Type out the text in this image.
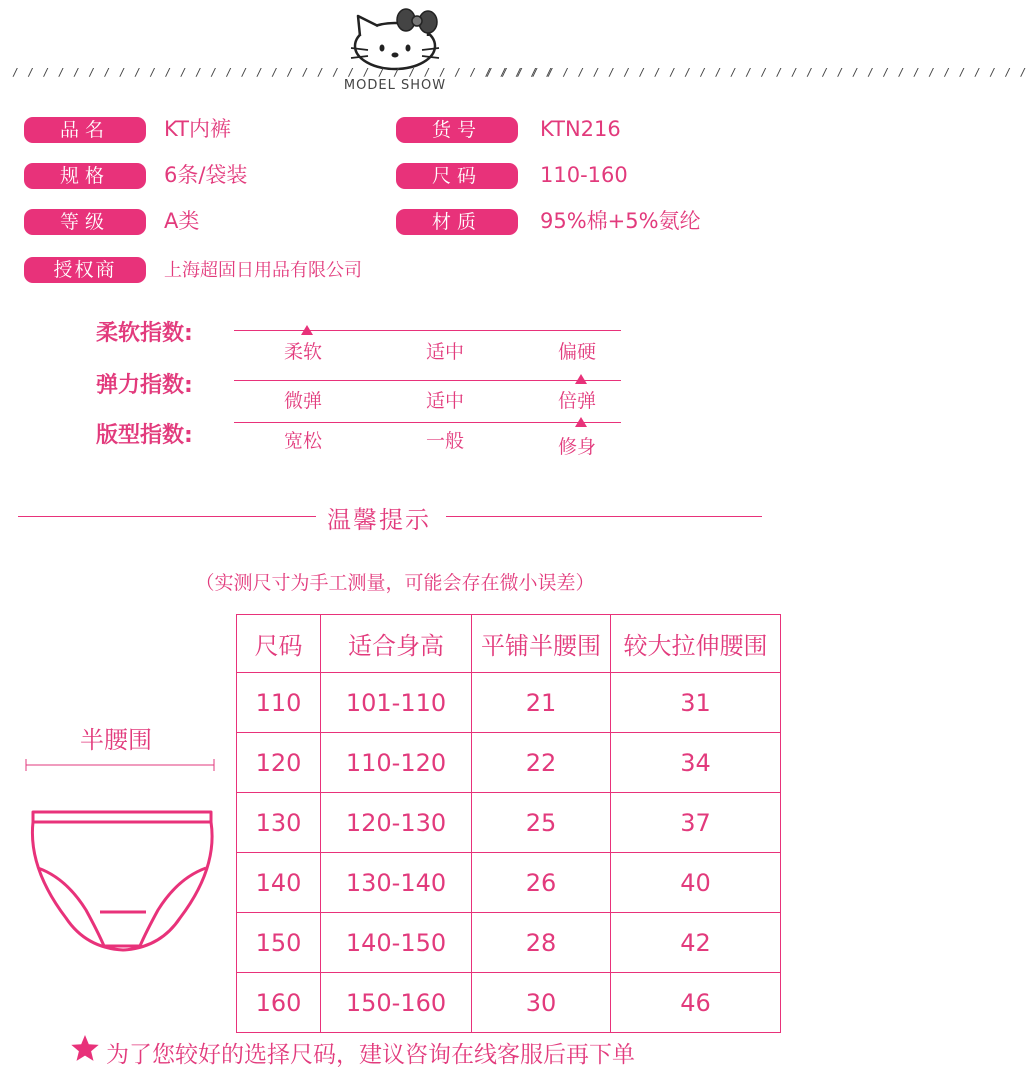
/ / / / / / / / / / / / / / / / / / / / / / / / / / / / / / / / / / / /
/ / / / / / / / / / / / / / / / / / / / / / / / / / / / / / / / / / / /
MODEL SHOW
品名	KT内裤	货号	KTN216
规格	6条/袋装	尺码	110-160
等级	A类	材质	95%棉+5%氨纶
授权商	上海超固日用品有限公司
柔软指数:
柔软	适中	偏硬
弹力指数:
微弹	适中	倍弹
版型指数:	宽松	一般	修身
温馨提示
（实测尺寸为手工测量，可能会存在微小误差）
半腰围
尺码	适合身高	平铺半腰围	较大拉伸腰围
110	101-110	21	31
120	110-120	22	34
130	120-130	25	37
140	130-140	26	40
150	140-150	28	42
160	150-160	30	46
为了您较好的选择尺码，建议咨询在线客服后再下单
